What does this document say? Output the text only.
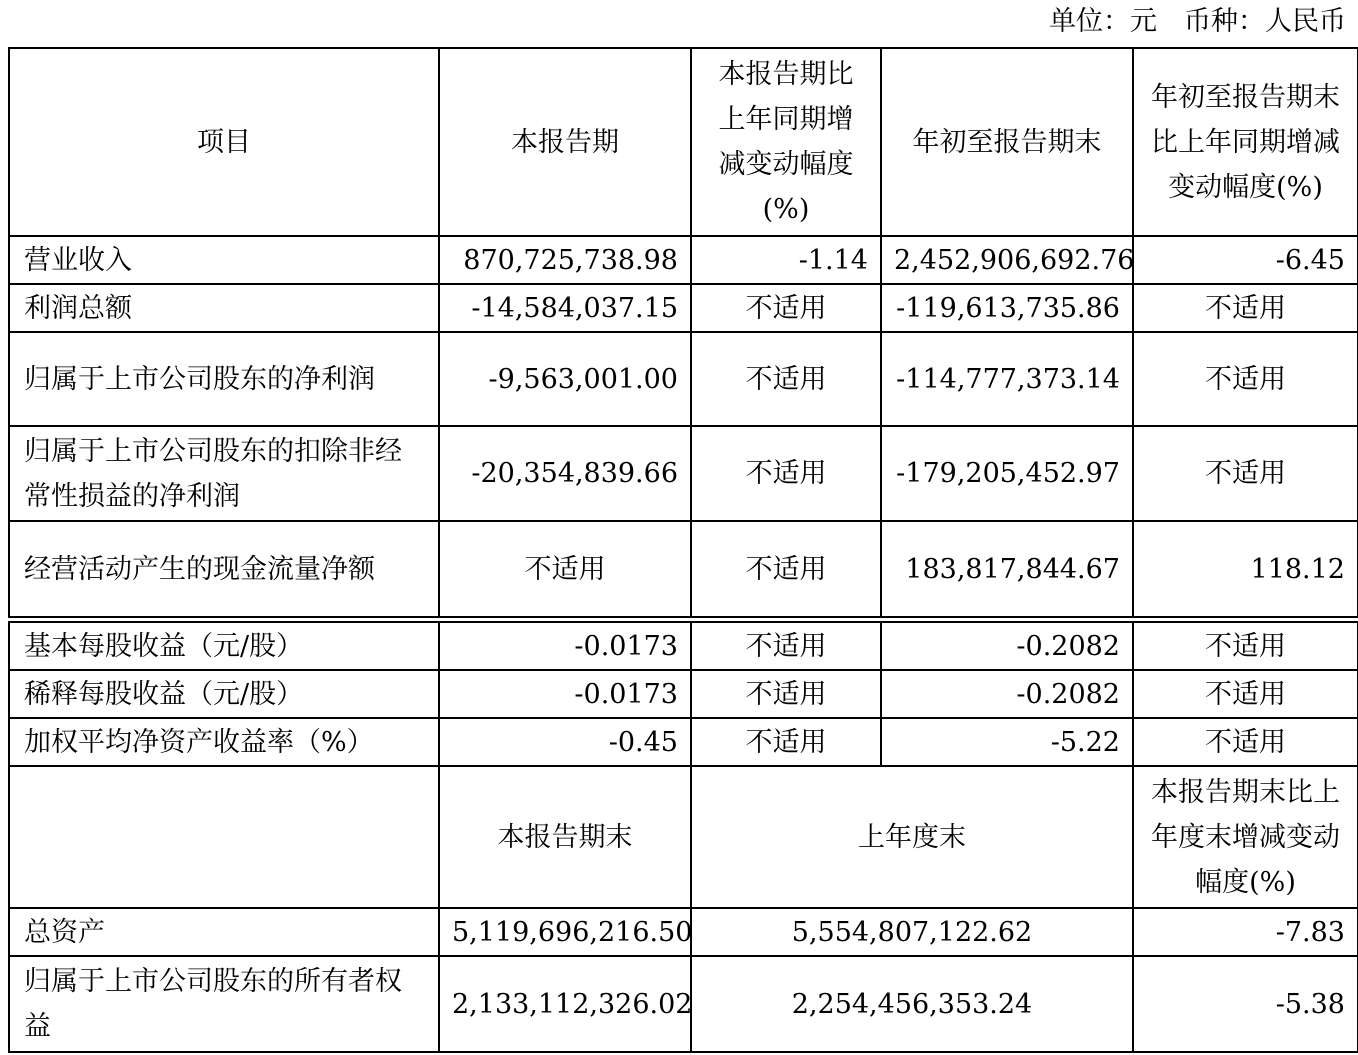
单位：元　币种：人民币
项目	本报告期	本报告期比上年同期增减变动幅度(%)	年初至报告期末	年初至报告期末比上年同期增减变动幅度(%)
营业收入	870,725,738.98	-1.14	2,452,906,692.76	-6.45
利润总额	-14,584,037.15	不适用	-119,613,735.86	不适用
归属于上市公司股东的净利润	-9,563,001.00	不适用	-114,777,373.14	不适用
归属于上市公司股东的扣除非经常性损益的净利润	-20,354,839.66	不适用	-179,205,452.97	不适用
经营活动产生的现金流量净额	不适用	不适用	183,817,844.67	118.12

基本每股收益（元/股）	-0.0173	不适用	-0.2082	不适用
稀释每股收益（元/股）	-0.0173	不适用	-0.2082	不适用
加权平均净资产收益率（%）	-0.45	不适用	-5.22	不适用
	本报告期末	上年度末		本报告期末比上年度末增减变动幅度(%)
总资产	5,119,696,216.50	5,554,807,122.62		-7.83
归属于上市公司股东的所有者权益	2,133,112,326.02	2,254,456,353.24		-5.38
